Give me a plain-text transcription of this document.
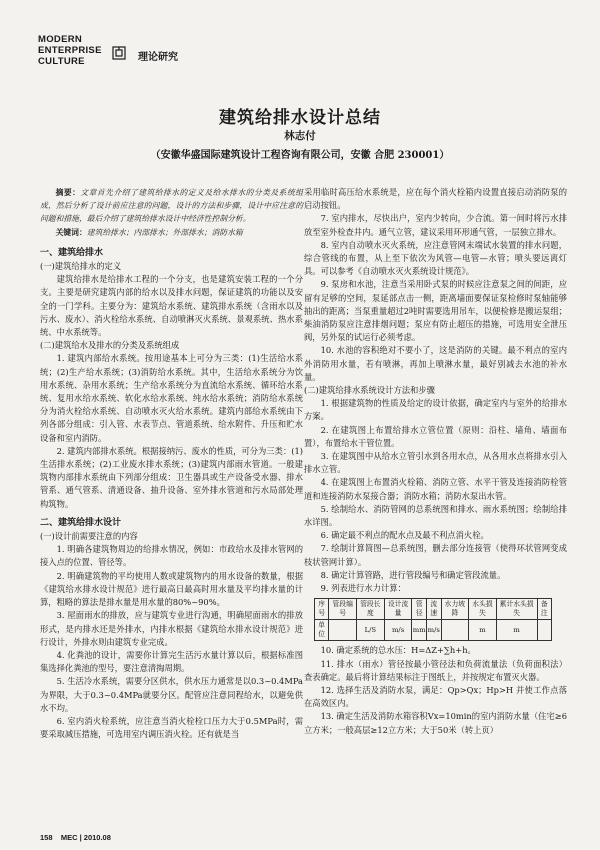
MODERN
ENTERPRISE
CULTURE	理论研究
建筑给排水设计总结
林志付
（安徽华盛国际建筑设计工程咨询有限公司，安徽 合肥 230001）

摘要：文章首先介绍了建筑给排水的定义及给水排水的分类及系统组成，然后分析了设计前应注意的问题，设计的方法和步骤，设计中应注意的问题和措施，最后介绍了建筑给排水设计中经济性控制分析。

关键词：建筑给排水；内部排水；外部排水；消防水箱

一、建筑给排水

(一)建筑给排水的定义

建筑给排水是给排水工程的一个分支，也是建筑安装工程的一个分支。主要是研究建筑内部的给水以及排水问题，保证建筑的功能以及安全的一门学科。主要分为：建筑给水系统、建筑排水系统（含雨水以及污水、废水）、消火栓给水系统、自动喷淋灭火系统、景观系统、热水系统、中水系统等。

(二)建筑给水及排水的分类及系统组成

1. 建筑内部给水系统。按用途基本上可分为三类：(1)生活给水系统；(2)生产给水系统；(3)消防给水系统。其中，生活给水系统分为饮用水系统、杂用水系统；生产给水系统分为直流给水系统、循环给水系统、复用水给水系统、软化水给水系统、纯水给水系统；消防给水系统分为消火栓给水系统、自动喷水灭火给水系统。建筑内部给水系统由下列各部分组成：引入管、水表节点、管道系统、给水附件、升压和贮水设备和室内消防。

2. 建筑内部排水系统。根据接纳污、废水的性质，可分为三类：(1)生活排水系统；(2)工业废水排水系统；(3)建筑内部雨水管道。一般建筑物内部排水系统由下列部分组成：卫生器具或生产设备受水器、排水管系、通气管系、清通设备、抽升设备、室外排水管道和污水局部处理构筑物。

二、建筑给排水设计

(一)设计前需要注意的内容

1. 明确各建筑物周边的给排水情况，例如：市政给水及排水管网的接入点的位置、管径等。

2. 明确建筑物的平均使用人数或建筑物内的用水设备的数量，根据《建筑给水排水设计规范》进行最高日最高时用水量及平均排水量的计算，粗略的算法是排水量是用水量的80%~90%。

3. 屋面雨水的排放，应与建筑专业进行沟通，明确屋面雨水的排放形式，是内排水还是外排水，内排水根据《建筑给水排水设计规范》进行设计，外排水则由建筑专业完成。

4. 化粪池的设计，需要你计算完生活污水量计算以后，根据标准图集选择化粪池的型号，要注意清掏周期。

5. 生活冷水系统，需要分区供水，供水压力通常是以0.3~0.4MPa为界限，大于0.3~0.4MPa就要分区。配管应注意同程给水，以避免供水不均。

6. 室内消火栓系统，应注意当消火栓栓口压力大于0.5MPa时，需要采取减压措施，可选用室内调压消火栓。还有就是当

采用临时高压给水系统是，应在每个消火栓箱内设置直接启动消防泵的启动按钮。

7. 室内排水，尽快出户，室内少转向，少合流。第一间时将污水排放至室外检查井内。通气立管，建议采用环形通气管，一层独立排水。

8. 室内自动喷水灭火系统，应注意管网末端试水装置的排水问题，综合管线的布置，从上至下依次为风管—电管—水管；喷头要远离灯具。可以参考《自动喷水灭火系统设计规范》。

9. 泵房和水池，注意当采用卧式泵的时候应注意泵之间的间距，应留有足够的空间，泵延部点击一侧，距离墙面要保证泵检修时泵轴能够抽出的距离；当泵重量超过2吨时需要选用吊车，以便检修是搬运泵组；柴油消防泵应注意排烟问题；泵应有防止超压的措施，可选用安全泄压阀，另外泵的试运行必须考虑。

10. 水池的容积绝对不要小了，这是消防的关键。最不利点的室内外消防用水量，若有喷淋，再加上喷淋水量，最好别减去水池的补水量。

(二)建筑给排水系统设计方法和步骤

1. 根据建筑物的性质及给定的设计依据，确定室内与室外的给排水方案。

2. 在建筑图上布置给排水立管位置（原则：沿柱、墙角、墙面布置），布置给水干管位置。

3. 在建筑图中从给水立管引水到各用水点，从各用水点将排水引入排水立管。

4. 在建筑图上布置消火栓箱、消防立管、水平干管及连接消防栓管道和连接消防水泵接合器；消防水箱；消防水泵出水管。

5. 绘制给水、消防管网的总系统图和排水、雨水系统图；绘制给排水详图。

6. 确定最不利点的配水点及最不利点消火栓。

7. 绘制计算简图—总系统图，删去部分连接管（使得环状管网变成枝状管网计算）。

8. 确定计算管路，进行管段编号和确定管段流量。

9. 列表进行水力计算：

序号	管段编号	管段长度	设计流量	管径	流速	水力坡降	水头损失	累计水头损失	备注
单位		L/S	m/s	mm	m/s		m	m	

10. 确定系统的总水压：H=ΔZ+∑h+h。

11. 排水（雨水）管径按最小管径法和负荷流量法（负荷面积法）查表确定。最后将计算结果标注于图纸上，并按规定布置灭火器。

12. 选择生活及消防水泵，满足：Qp>Qx；Hp>H 并使工作点落在高效区内。

13. 确定生活及消防水箱容积Vx=10min的室内消防水量（住宅≥6立方米；一般高层≥12立方米；大于50米（转上页）

158 MEC | 2010.08
